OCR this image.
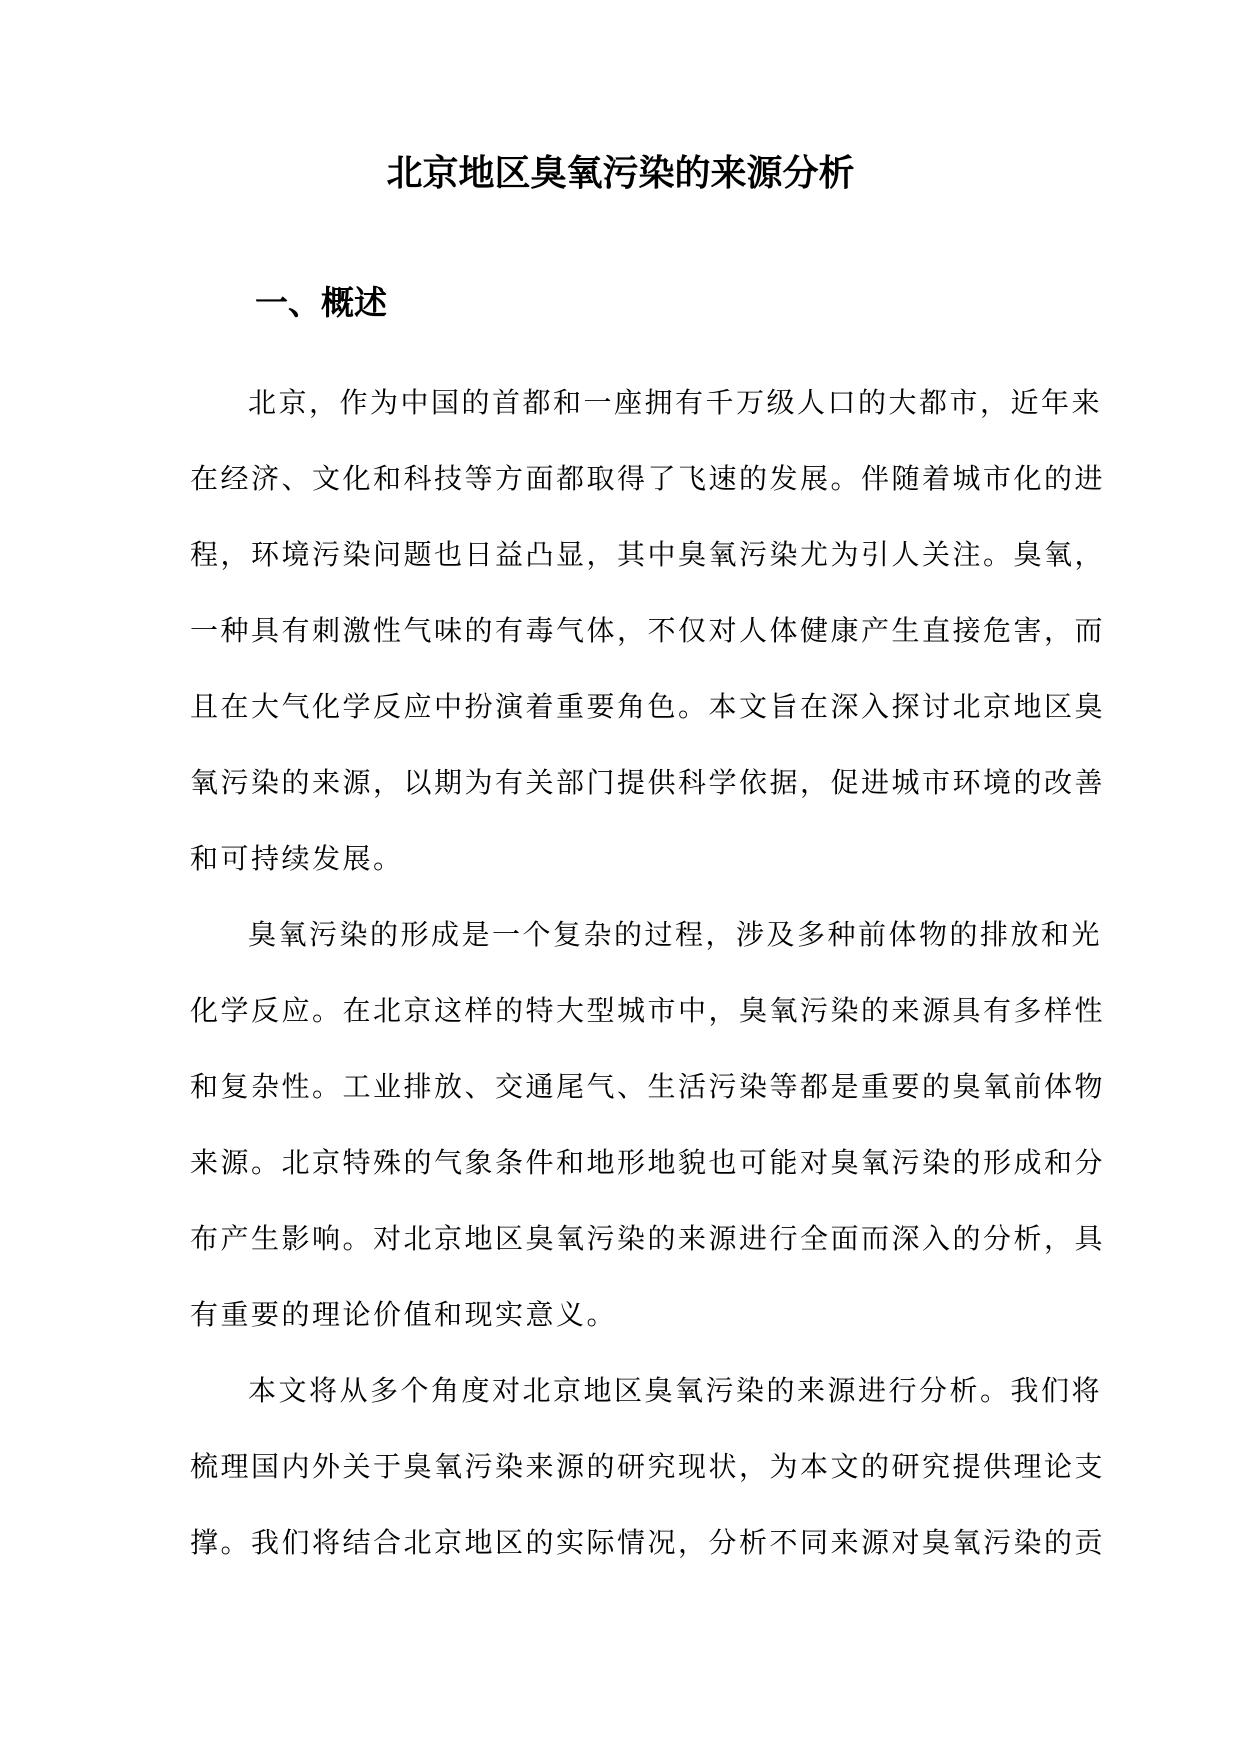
北京地区臭氧污染的来源分析
一、概述

北京，作为中国的首都和一座拥有千万级人口的大都市，近年来
在经济、文化和科技等方面都取得了飞速的发展。伴随着城市化的进
程，环境污染问题也日益凸显，其中臭氧污染尤为引人关注。臭氧，
一种具有刺激性气味的有毒气体，不仅对人体健康产生直接危害，而
且在大气化学反应中扮演着重要角色。本文旨在深入探讨北京地区臭
氧污染的来源，以期为有关部门提供科学依据，促进城市环境的改善
和可持续发展。

臭氧污染的形成是一个复杂的过程，涉及多种前体物的排放和光
化学反应。在北京这样的特大型城市中，臭氧污染的来源具有多样性
和复杂性。工业排放、交通尾气、生活污染等都是重要的臭氧前体物
来源。北京特殊的气象条件和地形地貌也可能对臭氧污染的形成和分
布产生影响。对北京地区臭氧污染的来源进行全面而深入的分析，具
有重要的理论价值和现实意义。

本文将从多个角度对北京地区臭氧污染的来源进行分析。我们将
梳理国内外关于臭氧污染来源的研究现状，为本文的研究提供理论支
撑。我们将结合北京地区的实际情况，分析不同来源对臭氧污染的贡
